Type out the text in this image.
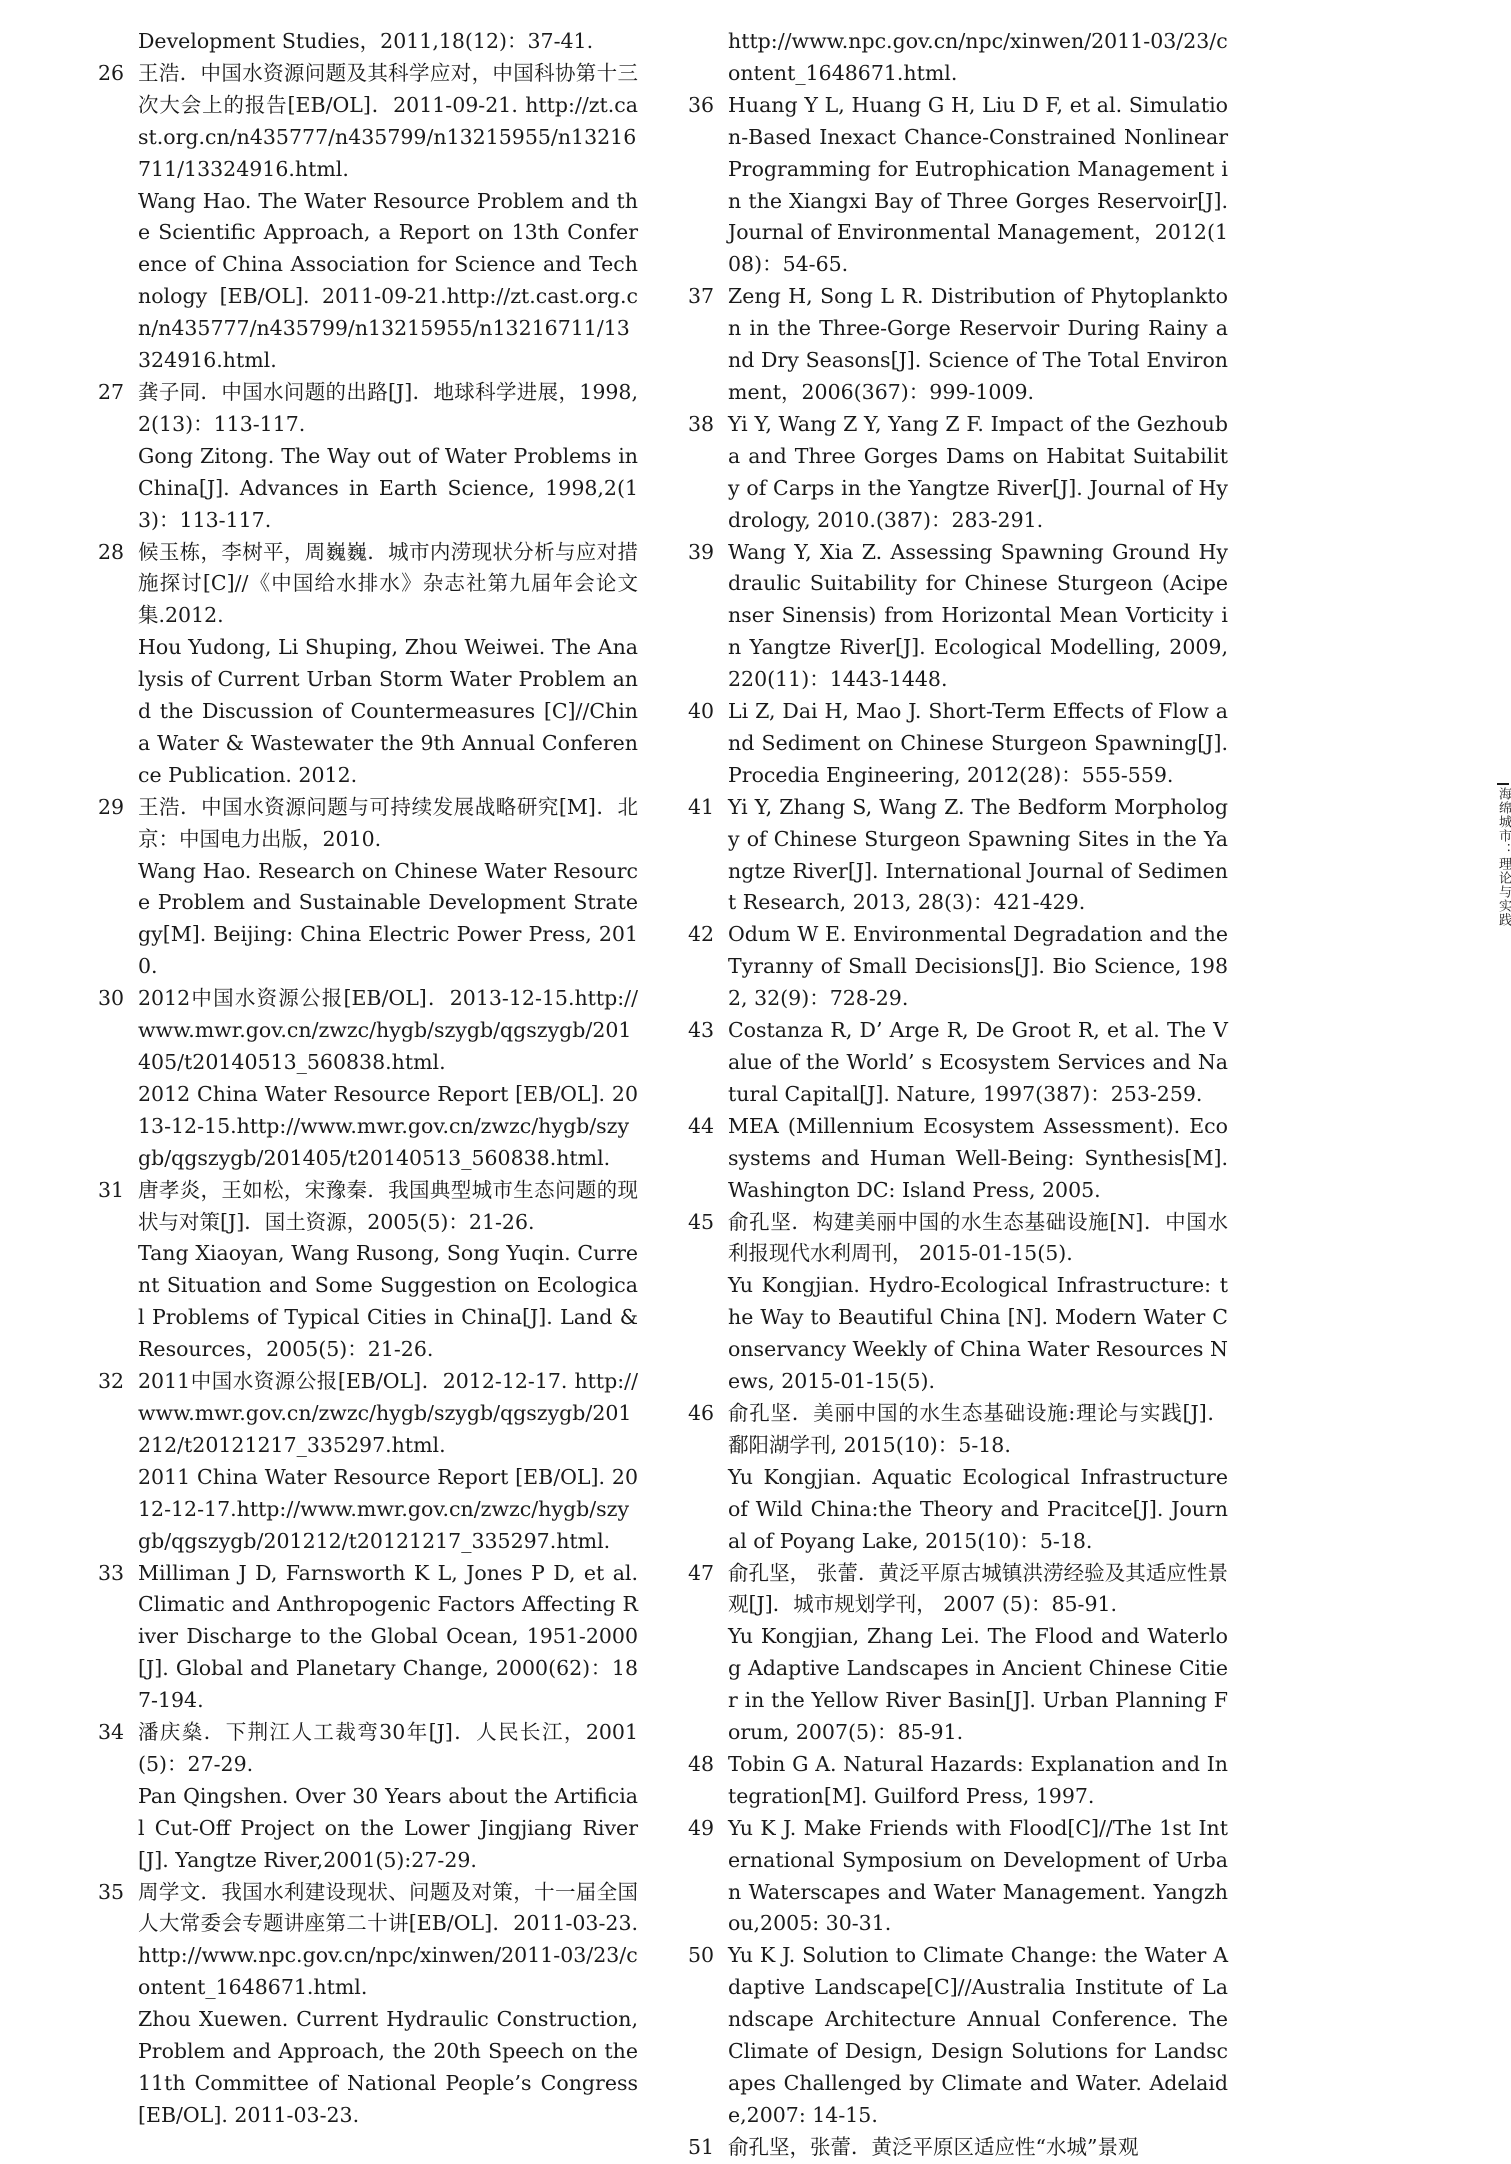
Development Studies，2011,18(12)：37-41.
26 王浩．中国水资源问题及其科学应对，中国科协第十三次大会上的报告[EB/OL]．2011-09-21. http://zt.cast.org.cn/n435777/n435799/n13215955/n13216711/13324916.html.
Wang Hao. The Water Resource Problem and the Scientific Approach, a Report on 13th Conference of China Association for Science and Technology [EB/OL]. 2011-09-21.http://zt.cast.org.cn/n435777/n435799/n13215955/n13216711/13324916.html.
27 龚子同．中国水问题的出路[J]．地球科学进展，1998,2(13)：113-117.
Gong Zitong. The Way out of Water Problems in China[J]. Advances in Earth Science, 1998,2(13)：113-117.
28 候玉栋，李树平，周巍巍．城市内涝现状分析与应对措施探讨[C]//《中国给水排水》杂志社第九届年会论文集.2012.
Hou Yudong, Li Shuping, Zhou Weiwei. The Analysis of Current Urban Storm Water Problem and the Discussion of Countermeasures [C]//China Water & Wastewater the 9th Annual Conference Publication. 2012.
29 王浩．中国水资源问题与可持续发展战略研究[M]．北京：中国电力出版，2010.
Wang Hao. Research on Chinese Water Resource Problem and Sustainable Development Strategy[M]. Beijing: China Electric Power Press, 2010.
30 2012中国水资源公报[EB/OL]．2013-12-15.http://www.mwr.gov.cn/zwzc/hygb/szygb/qgszygb/201405/t20140513_560838.html.
2012 China Water Resource Report [EB/OL]. 2013-12-15.http://www.mwr.gov.cn/zwzc/hygb/szygb/qgszygb/201405/t20140513_560838.html.
31 唐孝炎，王如松，宋豫秦．我国典型城市生态问题的现状与对策[J]．国土资源，2005(5)：21-26.
Tang Xiaoyan, Wang Rusong, Song Yuqin. Current Situation and Some Suggestion on Ecological Problems of Typical Cities in China[J]. Land & Resources，2005(5)：21-26.
32 2011中国水资源公报[EB/OL]．2012-12-17. http://www.mwr.gov.cn/zwzc/hygb/szygb/qgszygb/201212/t20121217_335297.html.
2011 China Water Resource Report [EB/OL]. 2012-12-17.http://www.mwr.gov.cn/zwzc/hygb/szygb/qgszygb/201212/t20121217_335297.html.
33 Milliman J D, Farnsworth K L, Jones P D, et al. Climatic and Anthropogenic Factors Affecting River Discharge to the Global Ocean, 1951-2000[J]. Global and Planetary Change, 2000(62)：187-194.
34 潘庆燊．下荆江人工裁弯30年[J]．人民长江，2001(5)：27-29.
Pan Qingshen. Over 30 Years about the Artificial Cut-Off Project on the Lower Jingjiang River[J]. Yangtze River,2001(5):27-29.
35 周学文．我国水利建设现状、问题及对策，十一届全国人大常委会专题讲座第二十讲[EB/OL]．2011-03-23. http://www.npc.gov.cn/npc/xinwen/2011-03/23/content_1648671.html.
Zhou Xuewen. Current Hydraulic Construction, Problem and Approach, the 20th Speech on the 11th Committee of National People’s Congress [EB/OL]. 2011-03-23.
http://www.npc.gov.cn/npc/xinwen/2011-03/23/content_1648671.html.
36 Huang Y L, Huang G H, Liu D F, et al. Simulation-Based Inexact Chance-Constrained Nonlinear Programming for Eutrophication Management in the Xiangxi Bay of Three Gorges Reservoir[J]. Journal of Environmental Management，2012(108)：54-65.
37 Zeng H, Song L R. Distribution of Phytoplankton in the Three-Gorge Reservoir During Rainy and Dry Seasons[J]. Science of The Total Environment，2006(367)：999-1009.
38 Yi Y, Wang Z Y, Yang Z F. Impact of the Gezhouba and Three Gorges Dams on Habitat Suitability of Carps in the Yangtze River[J]. Journal of Hydrology, 2010.(387)：283-291.
39 Wang Y, Xia Z. Assessing Spawning Ground Hydraulic Suitability for Chinese Sturgeon (Acipenser Sinensis) from Horizontal Mean Vorticity in Yangtze River[J]. Ecological Modelling, 2009, 220(11)：1443-1448.
40 Li Z, Dai H, Mao J. Short-Term Effects of Flow and Sediment on Chinese Sturgeon Spawning[J]. Procedia Engineering, 2012(28)：555-559.
41 Yi Y, Zhang S, Wang Z. The Bedform Morphology of Chinese Sturgeon Spawning Sites in the Yangtze River[J]. International Journal of Sediment Research, 2013, 28(3)：421-429.
42 Odum W E. Environmental Degradation and the Tyranny of Small Decisions[J]. Bio Science, 1982, 32(9)：728-29.
43 Costanza R, D’ Arge R, De Groot R, et al. The Value of the World’ s Ecosystem Services and Natural Capital[J]. Nature, 1997(387)：253-259.
44 MEA (Millennium Ecosystem Assessment). Ecosystems and Human Well-Being: Synthesis[M]. Washington DC: Island Press, 2005.
45 俞孔坚．构建美丽中国的水生态基础设施[N]．中国水利报现代水利周刊， 2015-01-15(5).
Yu Kongjian. Hydro-Ecological Infrastructure: the Way to Beautiful China [N]. Modern Water Conservancy Weekly of China Water Resources News, 2015-01-15(5).
46 俞孔坚．美丽中国的水生态基础设施:理论与实践[J]．鄱阳湖学刊, 2015(10)：5-18.
Yu Kongjian. Aquatic Ecological Infrastructure of Wild China:the Theory and Pracitce[J]. Journal of Poyang Lake, 2015(10)：5-18.
47 俞孔坚， 张蕾．黄泛平原古城镇洪涝经验及其适应性景观[J]．城市规划学刊， 2007 (5)：85-91.
Yu Kongjian, Zhang Lei. The Flood and Waterlog Adaptive Landscapes in Ancient Chinese Citier in the Yellow River Basin[J]. Urban Planning Forum, 2007(5)：85-91.
48 Tobin G A. Natural Hazards: Explanation and Integration[M]. Guilford Press, 1997.
49 Yu K J. Make Friends with Flood[C]//The 1st International Symposium on Development of Urban Waterscapes and Water Management. Yangzhou,2005: 30-31.
50 Yu K J. Solution to Climate Change: the Water Adaptive Landscape[C]//Australia Institute of Landscape Architecture Annual Conference. The Climate of Design, Design Solutions for Landscapes Challenged by Climate and Water. Adelaide,2007: 14-15.
51 俞孔坚，张蕾．黄泛平原区适应性“水城”景观
海绵城市：理论与实践
